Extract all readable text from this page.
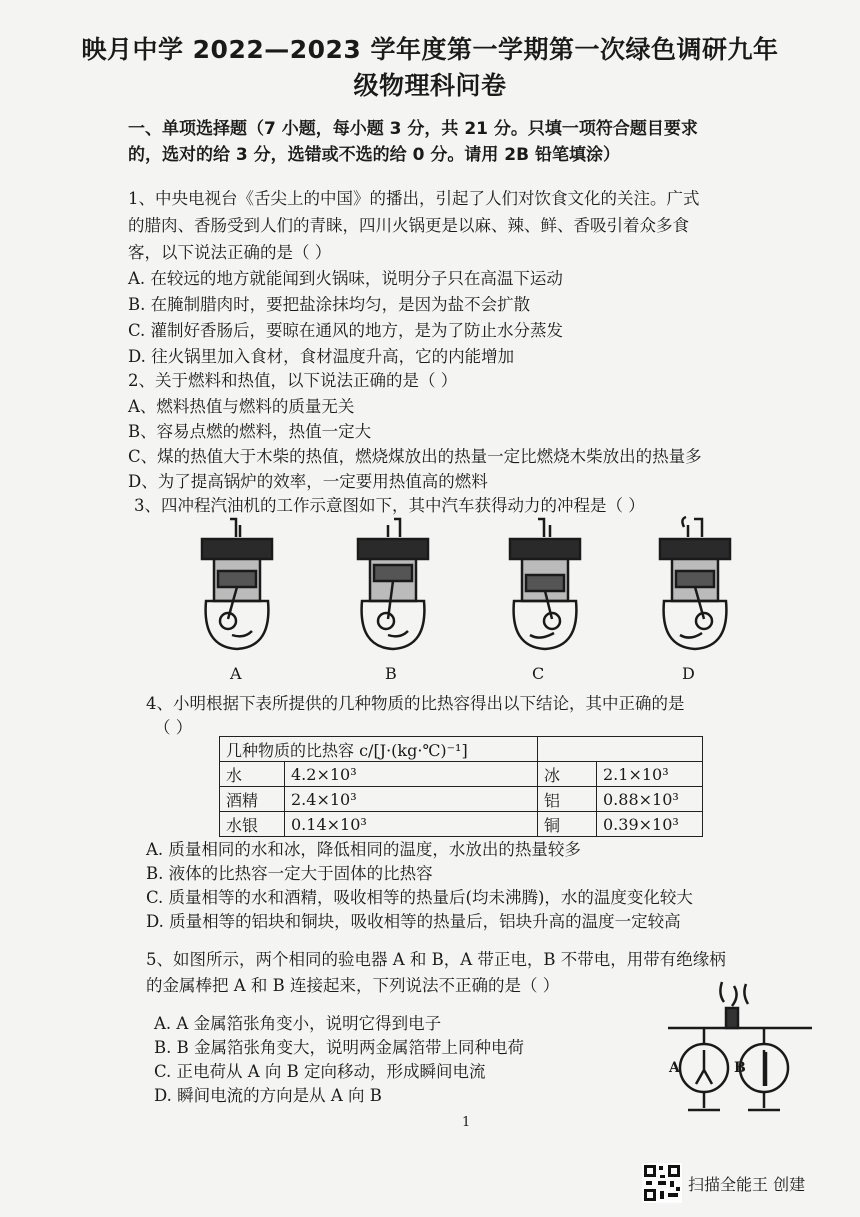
映月中学 2022—2023 学年度第一学期第一次绿色调研九年
级物理科问卷
一、单项选择题（7 小题，每小题 3 分，共 21 分。只填一项符合题目要求
的，选对的给 3 分，选错或不选的给 0 分。请用 2B 铅笔填涂）
1、中央电视台《舌尖上的中国》的播出，引起了人们对饮食文化的关注。广式
的腊肉、香肠受到人们的青睐，四川火锅更是以麻、辣、鲜、香吸引着众多食
客，以下说法正确的是（ ）
A. 在较远的地方就能闻到火锅味，说明分子只在高温下运动
B. 在腌制腊肉时，要把盐涂抹均匀，是因为盐不会扩散
C. 灌制好香肠后，要晾在通风的地方，是为了防止水分蒸发
D. 往火锅里加入食材，食材温度升高，它的内能增加
2、关于燃料和热值，以下说法正确的是（ ）
A、燃料热值与燃料的质量无关
B、容易点燃的燃料，热值一定大
C、煤的热值大于木柴的热值，燃烧煤放出的热量一定比燃烧木柴放出的热量多
D、为了提高锅炉的效率，一定要用热值高的燃料
3、四冲程汽油机的工作示意图如下，其中汽车获得动力的冲程是（ ）
A	B	C	D
4、小明根据下表所提供的几种物质的比热容得出以下结论，其中正确的是
（ ）
几种物质的比热容 c/[J·(kg·℃)⁻¹]			
水	4.2×10³	冰	2.1×10³
酒精	2.4×10³	铝	0.88×10³
水银	0.14×10³	铜	0.39×10³
A. 质量相同的水和冰，降低相同的温度，水放出的热量较多
B. 液体的比热容一定大于固体的比热容
C. 质量相等的水和酒精，吸收相等的热量后(均未沸腾)，水的温度变化较大
D. 质量相等的铝块和铜块，吸收相等的热量后，铝块升高的温度一定较高
5、如图所示，两个相同的验电器 A 和 B，A 带正电，B 不带电，用带有绝缘柄
的金属棒把 A 和 B 连接起来，下列说法不正确的是（ ）
A. A 金属箔张角变小，说明它得到电子
B. B 金属箔张角变大，说明两金属箔带上同种电荷
C. 正电荷从 A 向 B 定向移动，形成瞬间电流
D. 瞬间电流的方向是从 A 向 B
A	B
1
扫描全能王 创建
